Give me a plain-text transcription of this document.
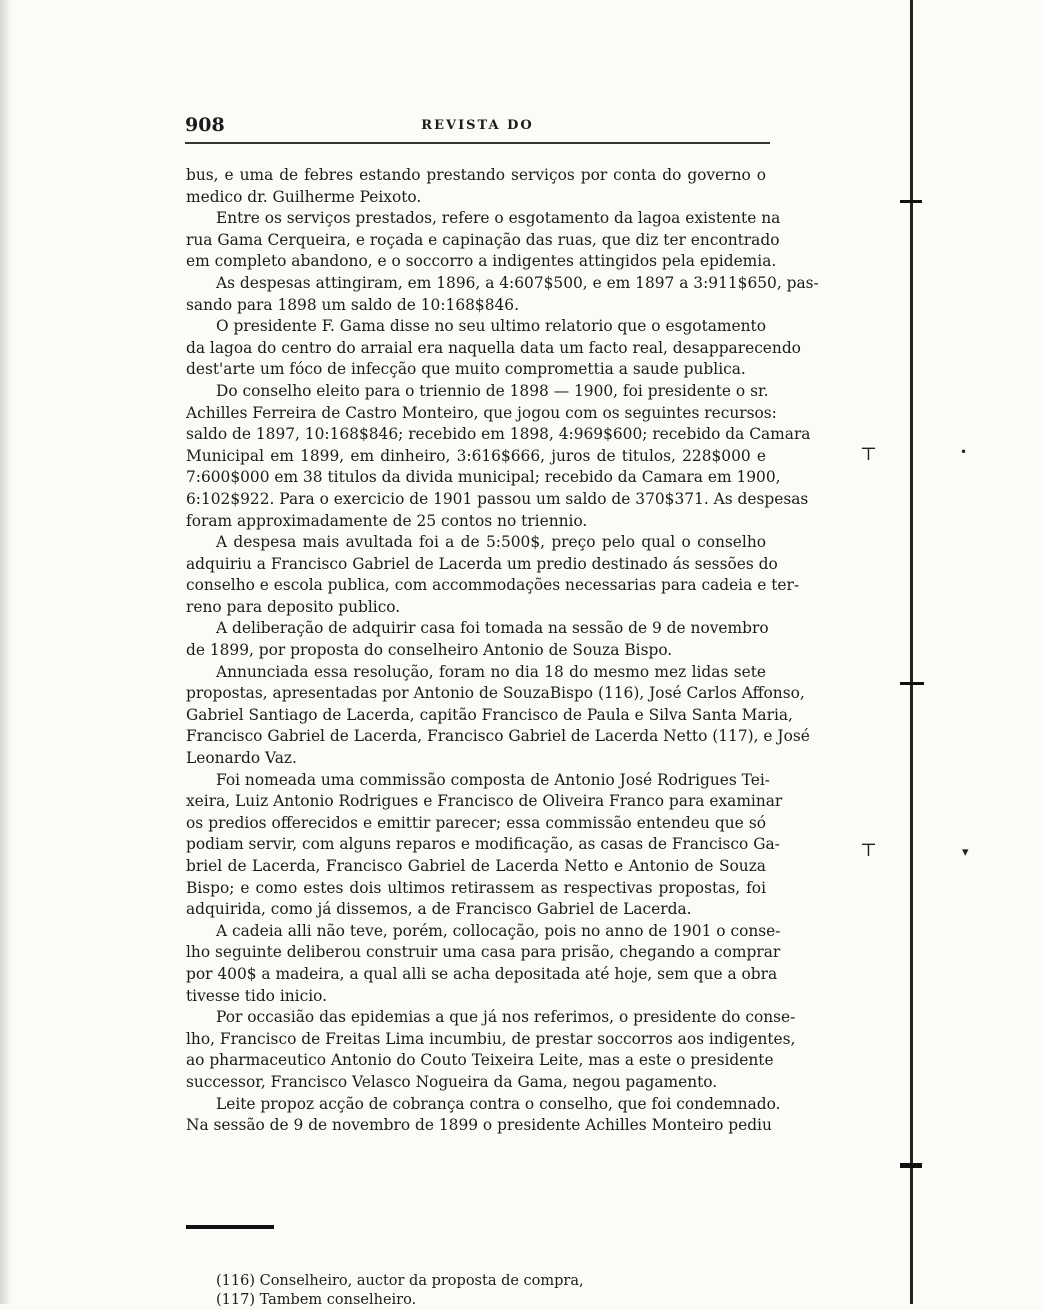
⊤	•
⊤	▾
908	REVISTA DO
bus, e uma de febres estando prestando serviços por conta do governo o
medico dr. Guilherme Peixoto.
Entre os serviços prestados, refere o esgotamento da lagoa existente na
rua Gama Cerqueira, e roçada e capinação das ruas, que diz ter encontrado
em completo abandono, e o soccorro a indigentes attingidos pela epidemia.
As despesas attingiram, em 1896, a 4:607$500, e em 1897 a 3:911$650, pas-
sando para 1898 um saldo de 10:168$846.
O presidente F. Gama disse no seu ultimo relatorio que o esgotamento
da lagoa do centro do arraial era naquella data um facto real, desapparecendo
dest'arte um fóco de infecção que muito compromettia a saude publica.
Do conselho eleito para o triennio de 1898 — 1900, foi presidente o sr.
Achilles Ferreira de Castro Monteiro, que jogou com os seguintes recursos:
saldo de 1897, 10:168$846; recebido em 1898, 4:969$600; recebido da Camara
Municipal em 1899, em dinheiro, 3:616$666, juros de titulos, 228$000 e
7:600$000 em 38 titulos da divida municipal; recebido da Camara em 1900,
6:102$922. Para o exercicio de 1901 passou um saldo de 370$371. As despesas
foram approximadamente de 25 contos no triennio.
A despesa mais avultada foi a de 5:500$, preço pelo qual o conselho
adquiriu a Francisco Gabriel de Lacerda um predio destinado ás sessões do
conselho e escola publica, com accommodações necessarias para cadeia e ter-
reno para deposito publico.
A deliberação de adquirir casa foi tomada na sessão de 9 de novembro
de 1899, por proposta do conselheiro Antonio de Souza Bispo.
Annunciada essa resolução, foram no dia 18 do mesmo mez lidas sete
propostas, apresentadas por Antonio de SouzaBispo (116), José Carlos Affonso,
Gabriel Santiago de Lacerda, capitão Francisco de Paula e Silva Santa Maria,
Francisco Gabriel de Lacerda, Francisco Gabriel de Lacerda Netto (117), e José
Leonardo Vaz.
Foi nomeada uma commissão composta de Antonio José Rodrigues Tei-
xeira, Luiz Antonio Rodrigues e Francisco de Oliveira Franco para examinar
os predios offerecidos e emittir parecer; essa commissão entendeu que só
podiam servir, com alguns reparos e modificação, as casas de Francisco Ga-
briel de Lacerda, Francisco Gabriel de Lacerda Netto e Antonio de Souza
Bispo; e como estes dois ultimos retirassem as respectivas propostas, foi
adquirida, como já dissemos, a de Francisco Gabriel de Lacerda.
A cadeia alli não teve, porém, collocação, pois no anno de 1901 o conse-
lho seguinte deliberou construir uma casa para prisão, chegando a comprar
por 400$ a madeira, a qual alli se acha depositada até hoje, sem que a obra
tivesse tido inicio.
Por occasião das epidemias a que já nos referimos, o presidente do conse-
lho, Francisco de Freitas Lima incumbiu, de prestar soccorros aos indigentes,
ao pharmaceutico Antonio do Couto Teixeira Leite, mas a este o presidente
successor, Francisco Velasco Nogueira da Gama, negou pagamento.
Leite propoz acção de cobrança contra o conselho, que foi condemnado.
Na sessão de 9 de novembro de 1899 o presidente Achilles Monteiro pediu
(116) Conselheiro, auctor da proposta de compra,
(117) Tambem conselheiro.
